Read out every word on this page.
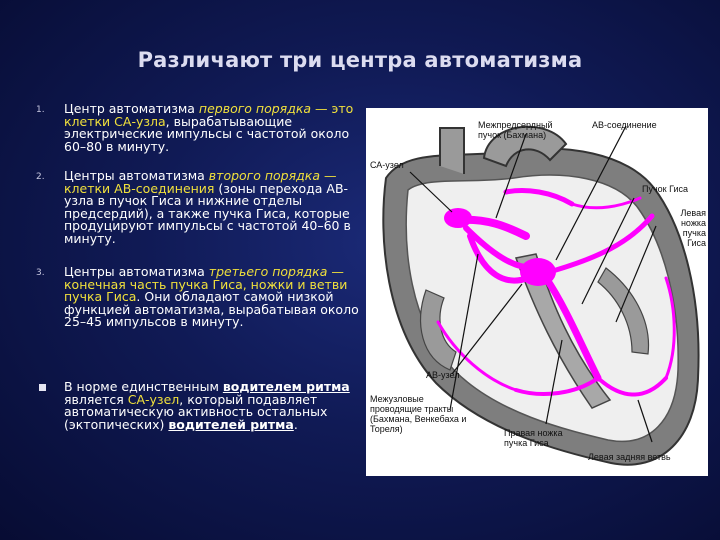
Различают три центра автоматизма
1. Центр автоматизма первого порядка — это клетки СА-узла, вырабатывающие электрические импульсы с частотой около 60–80 в минуту.
2. Центры автоматизма второго порядка — клетки АВ-соединения (зоны перехода АВ-узла в пучок Гиса и нижние отделы предсердий), а также пучка Гиса, которые продуцируют импульсы с частотой 40–60 в минуту.
3. Центры автоматизма третьего порядка — конечная часть пучка Гиса, ножки и ветви пучка Гиса. Они обладают самой низкой функцией автоматизма, вырабатывая около 25–45 импульсов в минуту.
В норме единственным водителем ритма является СА-узел, который подавляет автоматическую активность остальных (эктопических) водителей ритма.
Межпредсердный пучок (Бахмана)
АВ-соединение
СА-узел
Пучок Гиса
Левая ножка пучка Гиса
АВ-узел
Межузловые проводящие тракты (Бахмана, Венкебаха и Тореля)	Правая ножка пучка Гиса
Левая задняя ветвь
